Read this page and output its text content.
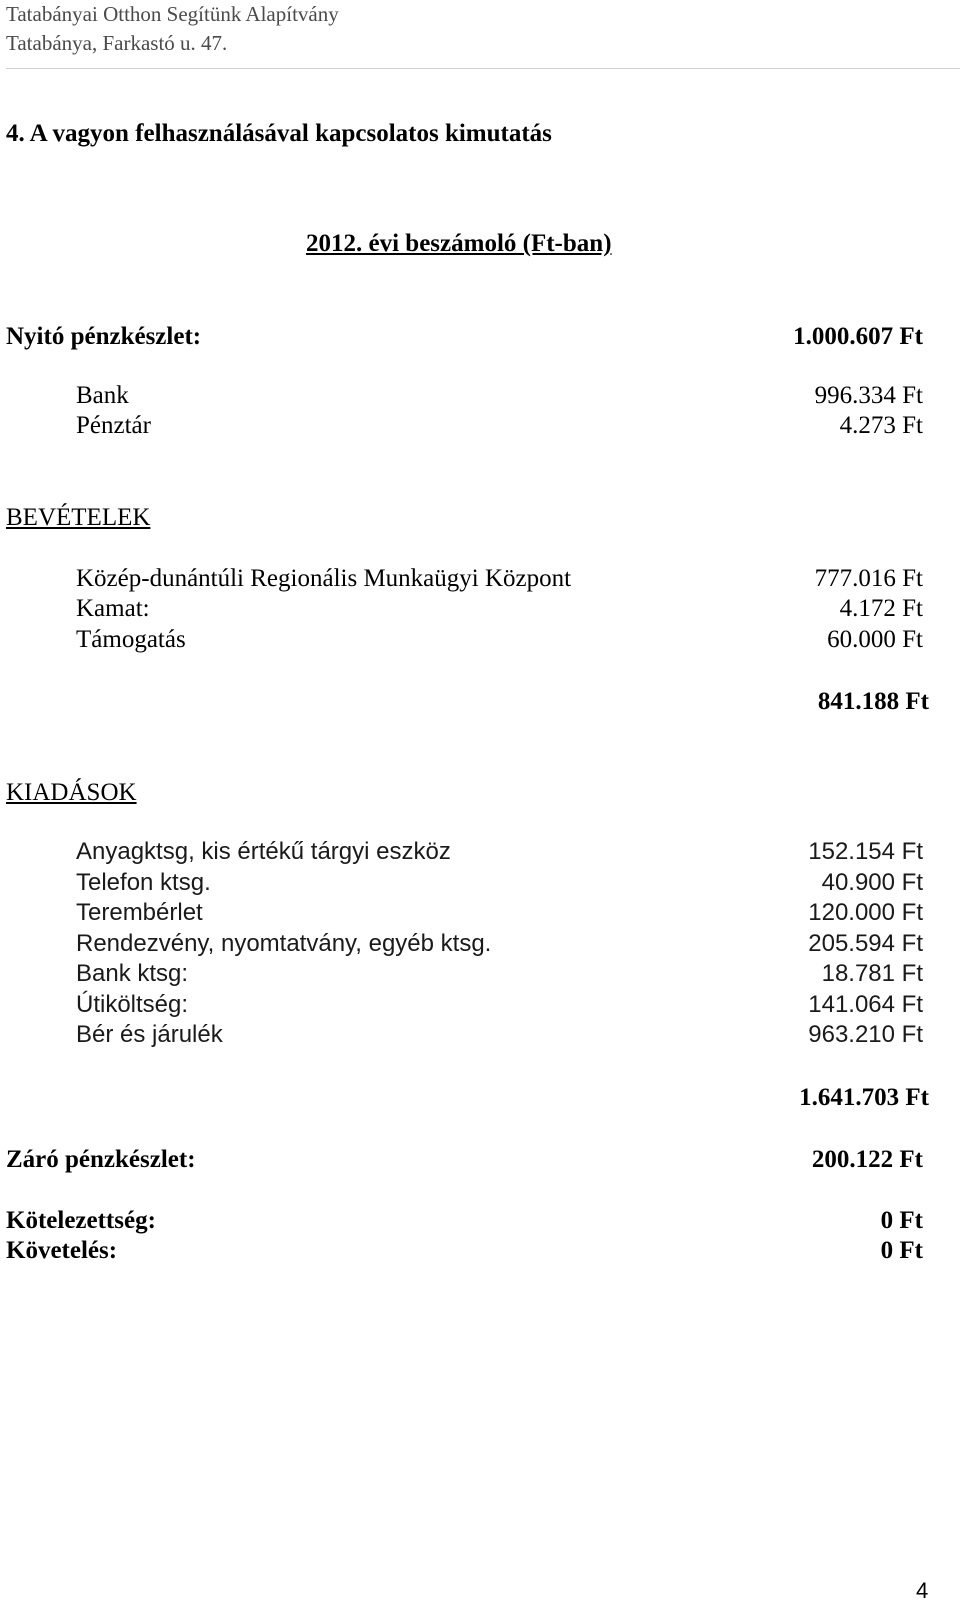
Tatabányai Otthon Segítünk Alapítvány
Tatabánya, Farkastó u. 47.
4. A vagyon felhasználásával kapcsolatos kimutatás
2012. évi beszámoló (Ft-ban)
Nyitó pénzkészlet:	1.000.607 Ft
Bank	996.334 Ft
Pénztár	4.273 Ft
BEVÉTELEK
Közép-dunántúli Regionális Munkaügyi Központ	777.016 Ft
Kamat:	4.172 Ft
Támogatás	60.000 Ft
841.188 Ft
KIADÁSOK
Anyagktsg, kis értékű tárgyi eszköz	152.154 Ft
Telefon ktsg.	40.900 Ft
Terembérlet	120.000 Ft
Rendezvény, nyomtatvány, egyéb ktsg.	205.594 Ft
Bank ktsg:	18.781 Ft
Útiköltség:	141.064 Ft
Bér és járulék	963.210 Ft
1.641.703 Ft
Záró pénzkészlet:	200.122 Ft
Kötelezettség:	0 Ft
Követelés:	0 Ft
4
